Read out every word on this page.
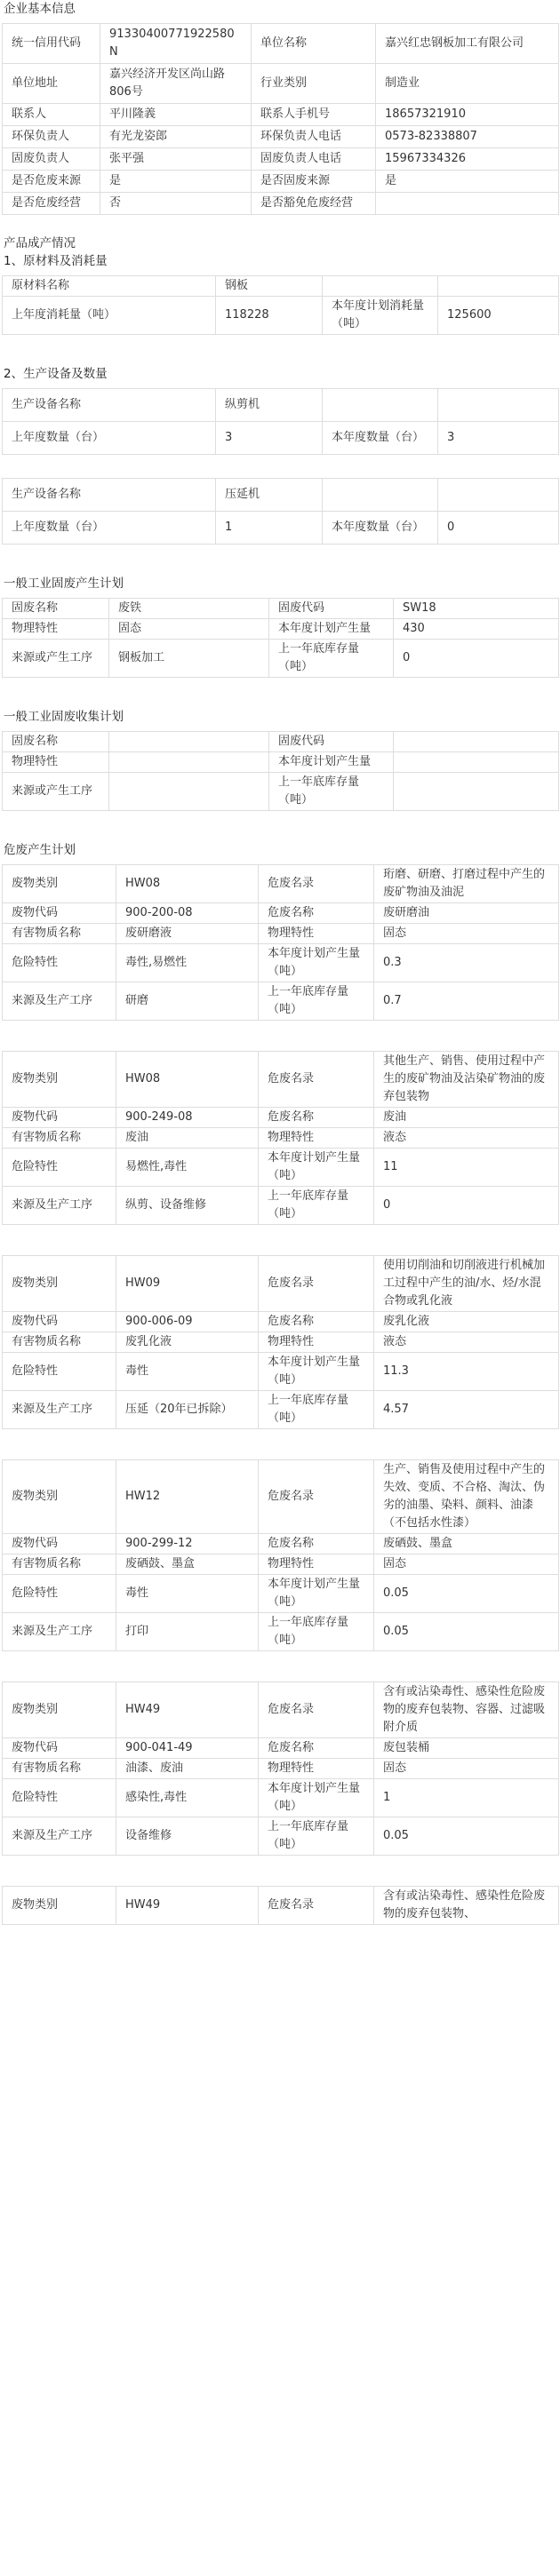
企业基本信息
统一信用代码	91330400771922580N	单位名称	嘉兴红忠钢板加工有限公司
单位地址	嘉兴经济开发区尚山路806号	行业类别	制造业
联系人	平川隆義	联系人手机号	18657321910
环保负责人	有光龙姿郎	环保负责人电话	0573-82338807
固废负责人	张平强	固废负责人电话	15967334326
是否危废来源	是	是否固废来源	是
是否危废经营	否	是否豁免危废经营	
产品成产情况
1、原材料及消耗量
原材料名称	钢板		
上年度消耗量（吨）	118228	本年度计划消耗量（吨）	125600
2、生产设备及数量
生产设备名称	纵剪机		
上年度数量（台）	3	本年度数量（台）	3
生产设备名称	压延机		
上年度数量（台）	1	本年度数量（台）	0
一般工业固废产生计划
固废名称	废铁	固废代码	SW18
物理特性	固态	本年度计划产生量	430
来源或产生工序	钢板加工	上一年底库存量（吨）	0
一般工业固废收集计划
固废名称		固废代码	
物理特性		本年度计划产生量	
来源或产生工序		上一年底库存量（吨）	
危废产生计划
废物类别	HW08	危废名录	珩磨、研磨、打磨过程中产生的废矿物油及油泥
废物代码	900-200-08	危废名称	废研磨油
有害物质名称	废研磨液	物理特性	固态
危险特性	毒性,易燃性	本年度计划产生量（吨）	0.3
来源及生产工序	研磨	上一年底库存量（吨）	0.7
废物类别	HW08	危废名录	其他生产、销售、使用过程中产生的废矿物油及沾染矿物油的废弃包装物
废物代码	900-249-08	危废名称	废油
有害物质名称	废油	物理特性	液态
危险特性	易燃性,毒性	本年度计划产生量（吨）	11
来源及生产工序	纵剪、设备维修	上一年底库存量（吨）	0
废物类别	HW09	危废名录	使用切削油和切削液进行机械加工过程中产生的油/水、烃/水混合物或乳化液
废物代码	900-006-09	危废名称	废乳化液
有害物质名称	废乳化液	物理特性	液态
危险特性	毒性	本年度计划产生量（吨）	11.3
来源及生产工序	压延（20年已拆除）	上一年底库存量（吨）	4.57
废物类别	HW12	危废名录	生产、销售及使用过程中产生的失效、变质、不合格、淘汰、伪劣的油墨、染料、颜料、油漆（不包括水性漆）
废物代码	900-299-12	危废名称	废硒鼓、墨盒
有害物质名称	废硒鼓、墨盒	物理特性	固态
危险特性	毒性	本年度计划产生量（吨）	0.05
来源及生产工序	打印	上一年底库存量（吨）	0.05
废物类别	HW49	危废名录	含有或沾染毒性、感染性危险废物的废弃包装物、容器、过滤吸附介质
废物代码	900-041-49	危废名称	废包装桶
有害物质名称	油漆、废油	物理特性	固态
危险特性	感染性,毒性	本年度计划产生量（吨）	1
来源及生产工序	设备维修	上一年底库存量（吨）	0.05
废物类别	HW49	危废名录	含有或沾染毒性、感染性危险废物的废弃包装物、
